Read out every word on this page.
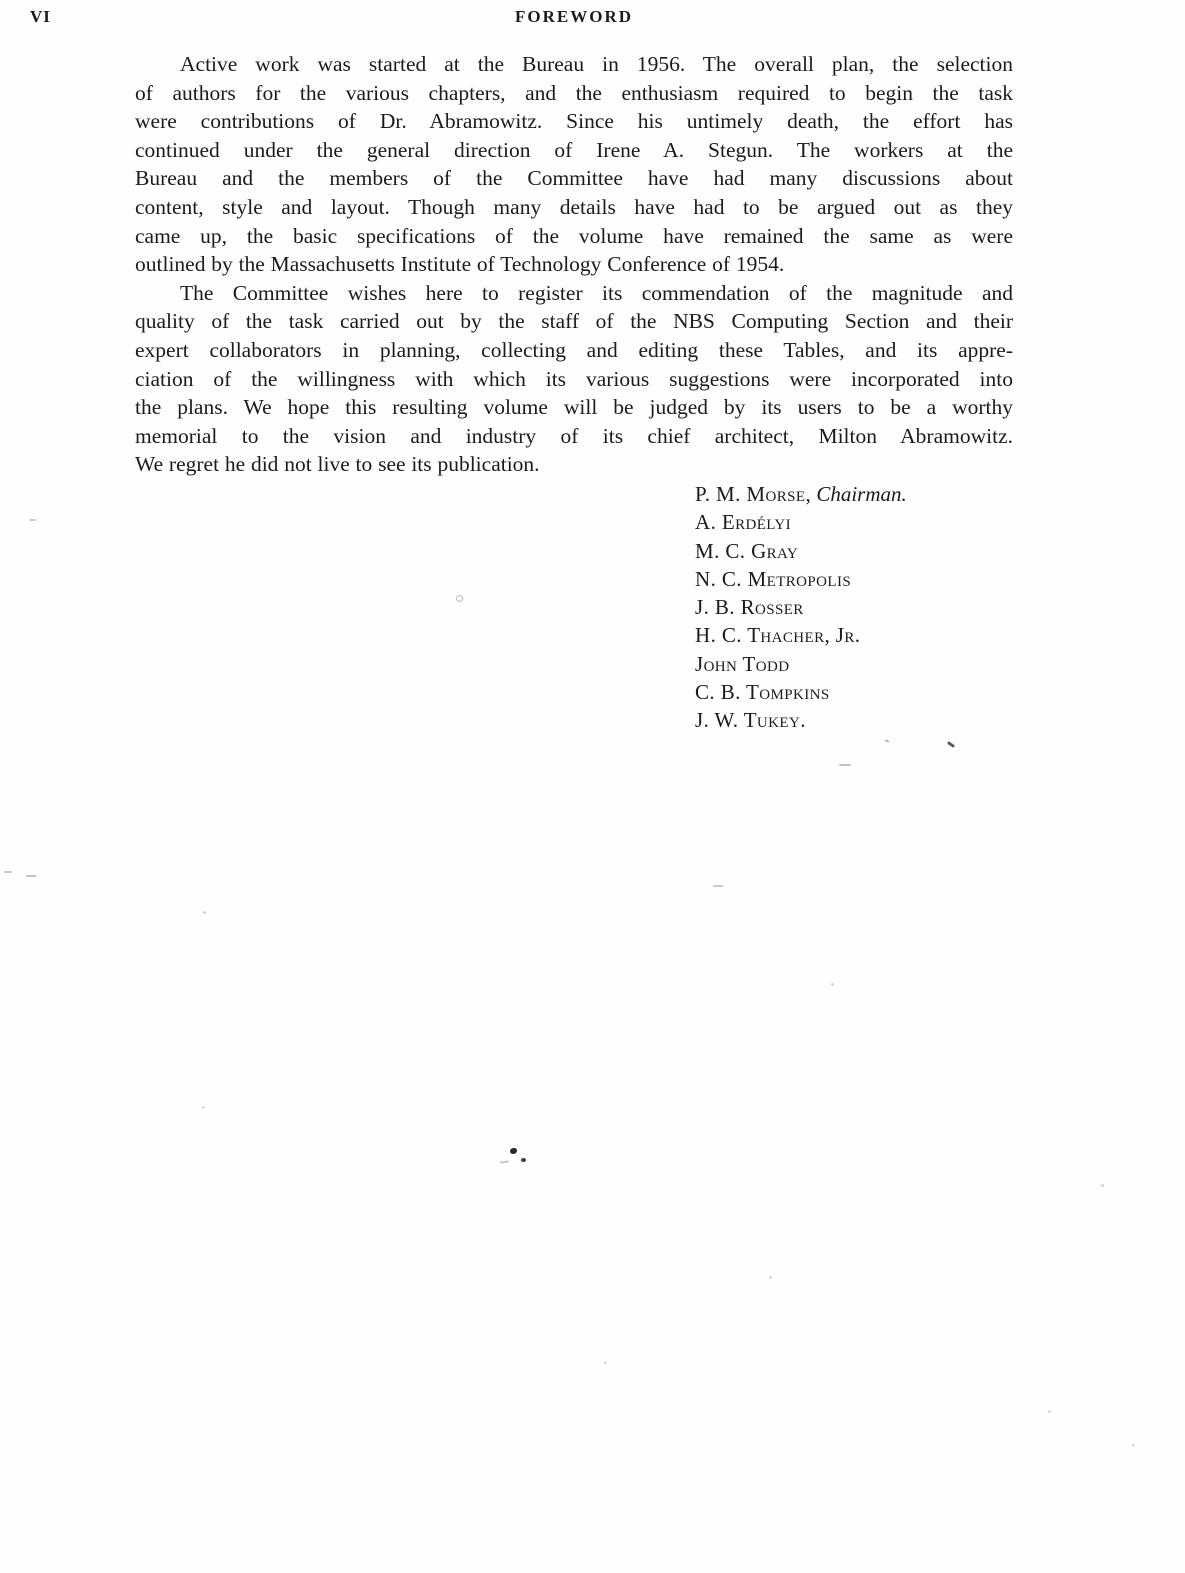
VI	FOREWORD
Active work was started at the Bureau in 1956. The overall plan, the selection
of authors for the various chapters, and the enthusiasm required to begin the task
were contributions of Dr. Abramowitz. Since his untimely death, the effort has
continued under the general direction of Irene A. Stegun. The workers at the
Bureau and the members of the Committee have had many discussions about
content, style and layout. Though many details have had to be argued out as they
came up, the basic specifications of the volume have remained the same as were
outlined by the Massachusetts Institute of Technology Conference of 1954.
The Committee wishes here to register its commendation of the magnitude and
quality of the task carried out by the staff of the NBS Computing Section and their
expert collaborators in planning, collecting and editing these Tables, and its appre-
ciation of the willingness with which its various suggestions were incorporated into
the plans. We hope this resulting volume will be judged by its users to be a worthy
memorial to the vision and industry of its chief architect, Milton Abramowitz.
We regret he did not live to see its publication.
P. M. Morse, Chairman.
A. Erdélyi
M. C. Gray
N. C. Metropolis
J. B. Rosser
H. C. Thacher, Jr.
John Todd
C. B. Tompkins
J. W. Tukey.
